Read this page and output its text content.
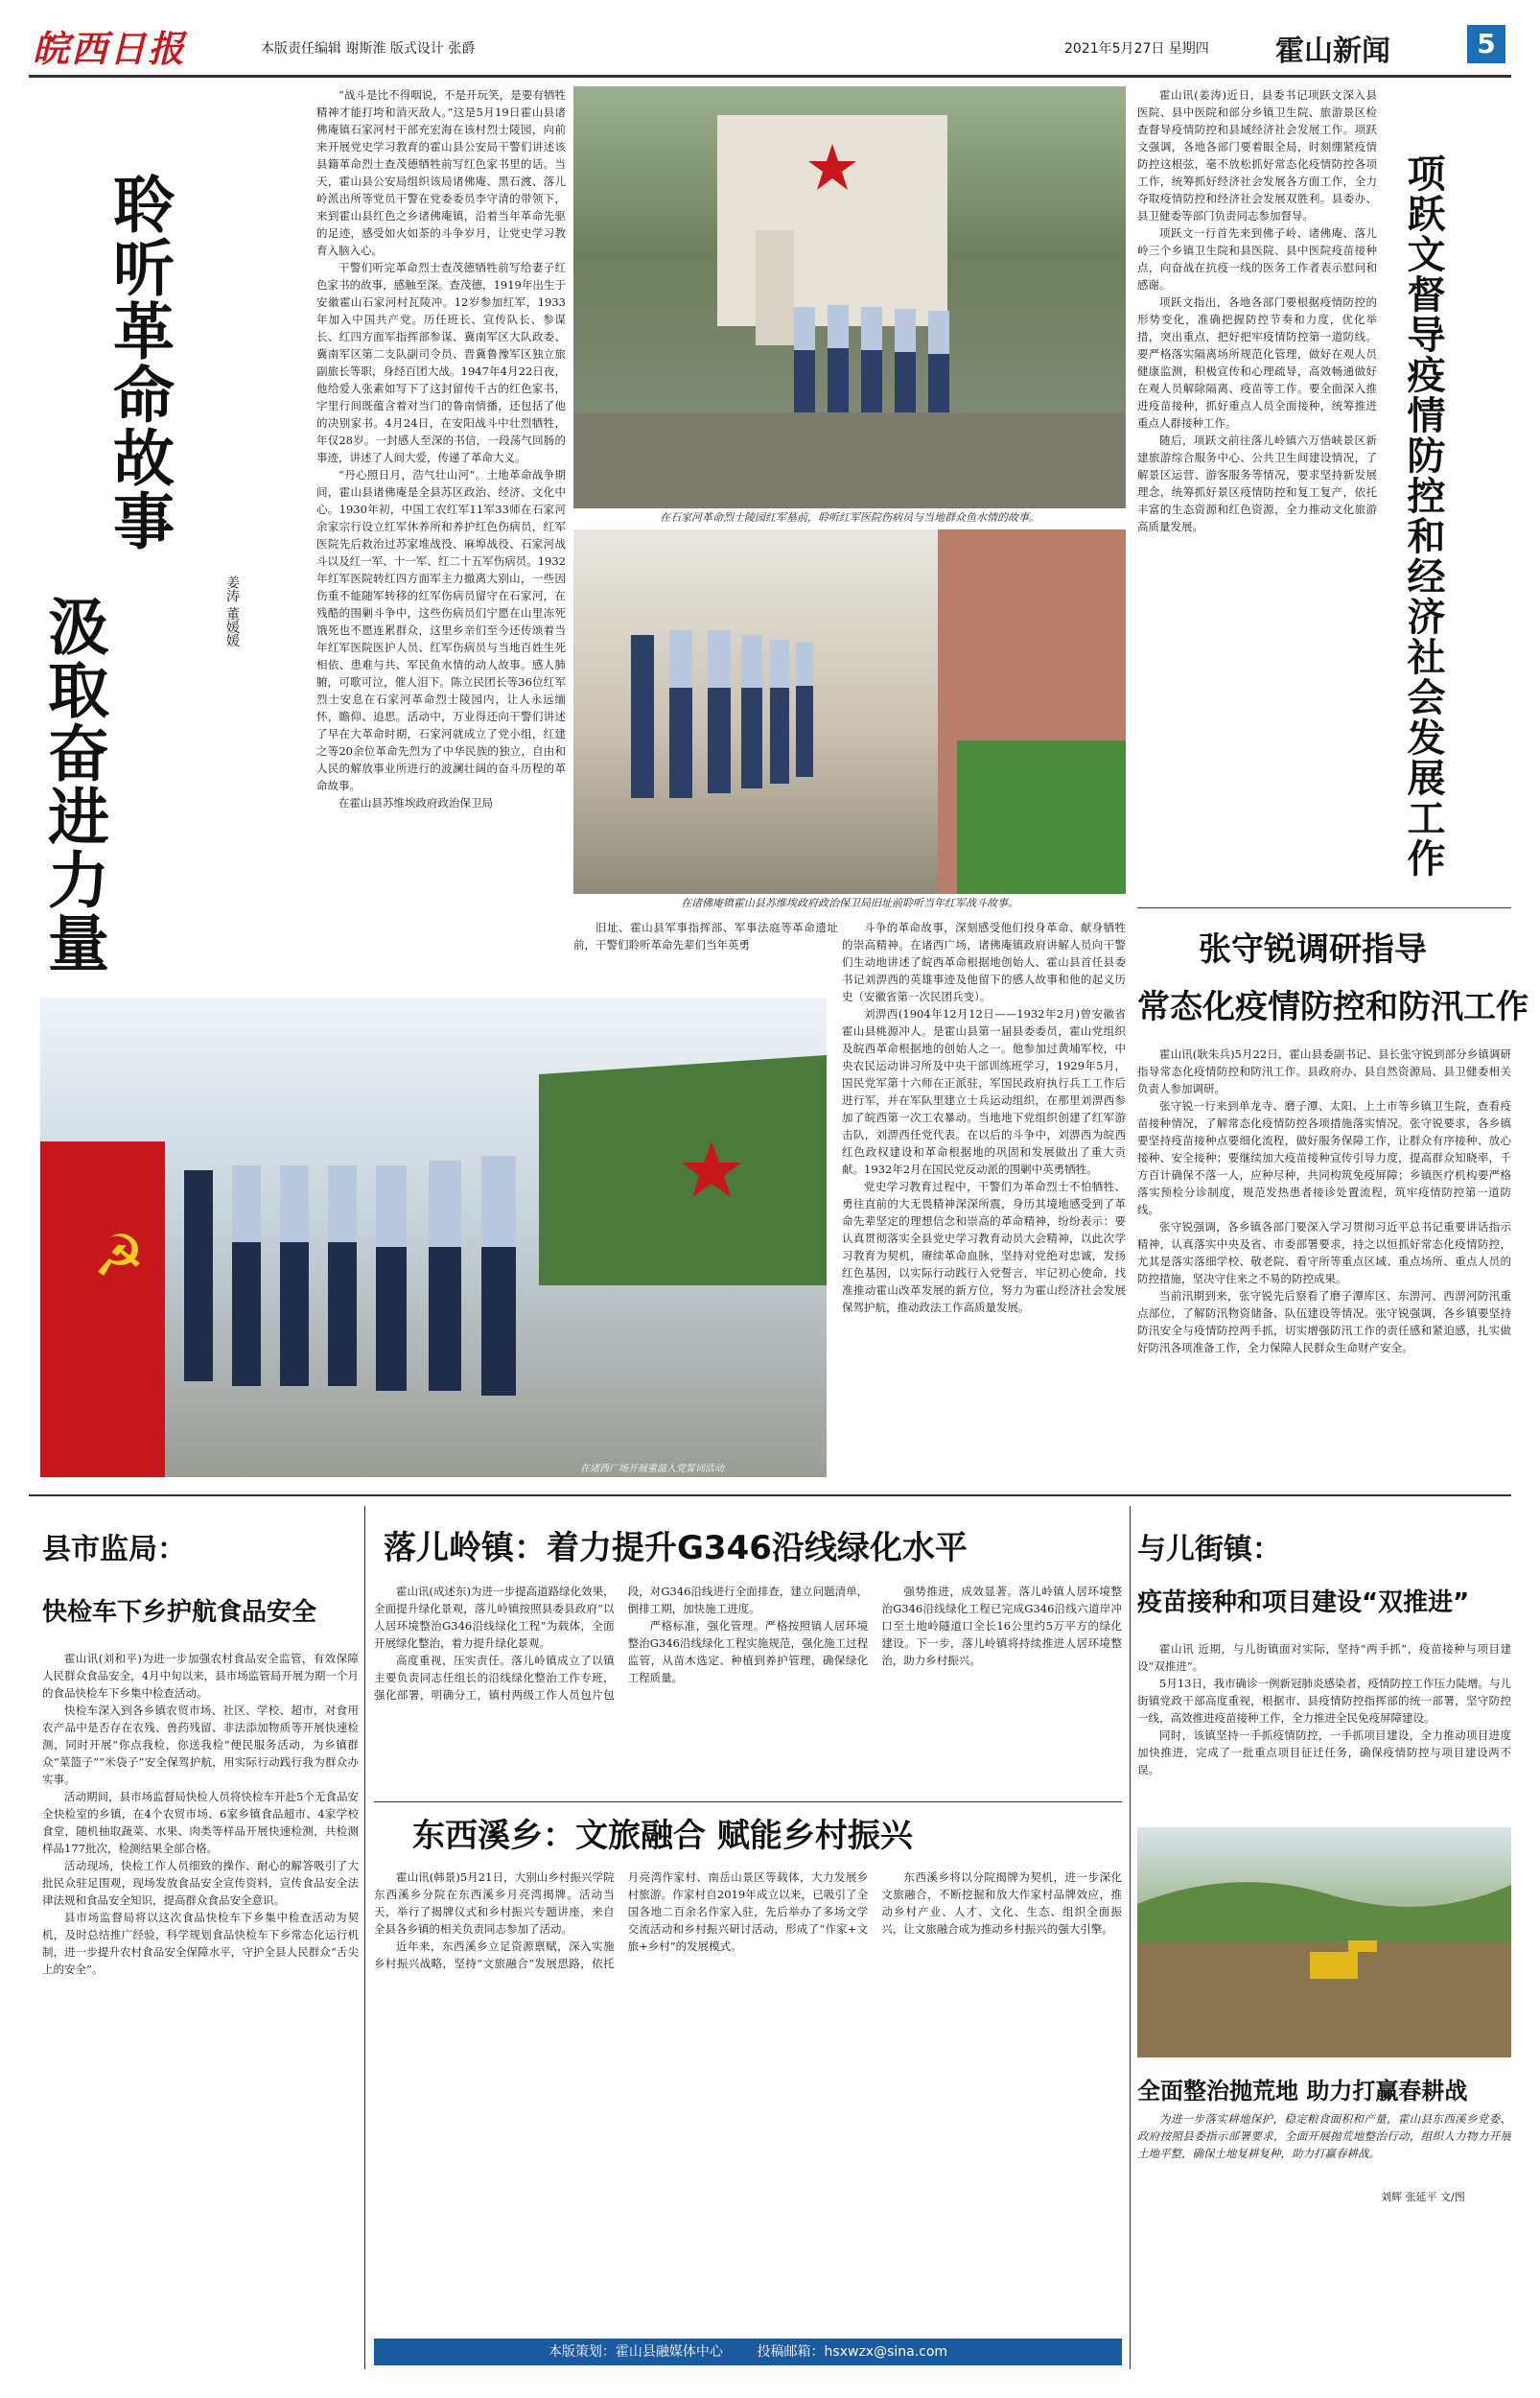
皖西日报	本版责任编辑 谢斯淮 版式设计 张爵	2021年5月27日 星期四 霍山新闻	5
聆听革命故事
汲取奋进力量	姜涛 董媛媛

“战斗是比不得咽说，不是开玩笑，是要有牺牲精神才能打垮和消灭敌人。”这是5月19日霍山县诸佛庵镇石家河村干部充宏海在该村烈士陵园，向前来开展党史学习教育的霍山县公安局干警们讲述该县籍革命烈士查茂德牺牲前写红色家书里的话。当天，霍山县公安局组织该局诸佛庵、黑石渡、落儿岭派出所等党员干警在党委委员李守清的带领下，来到霍山县红色之乡诸佛庵镇，沿着当年革命先驱的足迹，感受如火如荼的斗争岁月，让党史学习教育入脑入心。

干警们听完革命烈士查茂德牺牲前写给妻子红色家书的故事，感触至深。查茂德，1919年出生于安徽霍山石家河村瓦陵冲。12岁参加红军，1933年加入中国共产党。历任班长、宣传队长、参谋长、红四方面军指挥部参谋、冀南军区大队政委、冀南军区第二支队副司令员、晋冀鲁豫军区独立旅副旅长等职，身经百团大战。1947年4月22日夜，他给爱人张素如写下了这封留传千古的红色家书，字里行间既蕴含着对当门的鲁南情播，还包括了他的决别家书。4月24日，在安阳战斗中壮烈牺牲，年仅28岁。一封感人至深的书信，一段荡气回肠的事迹，讲述了人间大爱，传递了革命大义。

“丹心照日月，浩气壮山河”。土地革命战争期间，霍山县诸佛庵是全县苏区政治、经济、文化中心。1930年初，中国工农红军11军33师在石家河余家宗行设立红军休养所和养护红色伤病员，红军医院先后救治过苏家堆战役、麻埠战役、石家河战斗以及红一军、十一军、红二十五军伤病员。1932年红军医院转红四方面军主力撤离大别山，一些因伤重不能随军转移的红军伤病员留守在石家河，在残酷的围剿斗争中，这些伤病员们宁愿在山里冻死饿死也不愿连累群众，这里乡亲们至今还传颂着当年红军医院医护人员、红军伤病员与当地百姓生死相依、患难与共、军民鱼水情的动人故事。感人肺腑，可歌可泣，催人泪下。陈立民团长等36位红军烈士安息在石家河革命烈士陵园内，让人永远缅怀，瞻仰、追思。活动中，万业得还向干警们讲述了早在大革命时期，石家河就成立了党小组，红建之等20余位革命先烈为了中华民族的独立，自由和人民的解放事业所进行的波澜壮阔的奋斗历程的革命故事。

在霍山县苏维埃政府政治保卫局

在石家河革命烈士陵园红军墓前，聆听红军医院伤病员与当地群众鱼水情的故事。
在诸佛庵镇霍山县苏维埃政府政治保卫局旧址前聆听当年红军战斗故事。
☭
在诸西广场开展重温入党誓词活动

旧址、霍山县军事指挥部、军事法庭等革命遗址前，干警们聆听革命先辈们当年英勇

斗争的革命故事，深刻感受他们投身革命、献身牺牲的崇高精神。在诸西广场，诸佛庵镇政府讲解人员向干警们生动地讲述了皖西革命根据地创始人、霍山县首任县委书记刘淠西的英雄事迹及他留下的感人故事和他的起义历史（安徽省第一次民团兵变）。

刘淠西(1904年12月12日——1932年2月)曾安徽省霍山县桃源冲人。是霍山县第一届县委委员，霍山党组织及皖西革命根据地的创始人之一。他参加过黄埔军校，中央农民运动讲习所及中央干部训练班学习，1929年5月，国民党军第十六师在正派驻，军国民政府执行兵工工作后进行军，并在军队里建立士兵运动组织，在那里刘淠西参加了皖西第一次工农暴动。当地地下党组织创建了红军游击队，刘淠西任党代表。在以后的斗争中，刘淠西为皖西红色政权建设和革命根据地的巩固和发展做出了重大贡献。1932年2月在国民党反动派的围剿中英勇牺牲。

党史学习教育过程中，干警们为革命烈士不怕牺牲、勇往直前的大无畏精神深深所震，身历其境地感受到了革命先辈坚定的理想信念和崇高的革命精神，纷纷表示：要认真贯彻落实全县党史学习教育动员大会精神，以此次学习教育为契机，赓续革命血脉，坚持对党绝对忠诚，发扬红色基因，以实际行动践行入党誓言，牢记初心使命，找准推动霍山改革发展的新方位，努力为霍山经济社会发展保驾护航，推动政法工作高质量发展。

霍山讯(姜涛)近日，县委书记项跃文深入县医院、县中医院和部分乡镇卫生院、旅游景区检查督导疫情防控和县域经济社会发展工作。项跃文强调，各地各部门要着眼全局，时刻绷紧疫情防控这根弦，毫不放松抓好常态化疫情防控各项工作，统筹抓好经济社会发展各方面工作，全力夺取疫情防控和经济社会发展双胜利。县委办、县卫健委等部门负责同志参加督导。

项跃文一行首先来到佛子岭、诸佛庵、落儿岭三个乡镇卫生院和县医院、县中医院疫苗接种点，向奋战在抗疫一线的医务工作者表示慰问和感谢。

项跃文指出，各地各部门要根据疫情防控的形势变化，准确把握防控节奏和力度，优化举措，突出重点，把好把牢疫情防控第一道防线。要严格落实隔离场所规范化管理，做好在观人员健康监测，积极宣传和心理疏导，高效畅通做好在观人员解除隔离、疫苗等工作。要全面深入推进疫苗接种，抓好重点人员全面接种，统筹推进重点人群接种工作。

随后，项跃文前往落儿岭镇六万悟峡景区新建旅游综合服务中心、公共卫生间建设情况，了解景区运营、游客服务等情况，要求坚持新发展理念，统筹抓好景区疫情防控和复工复产，依托丰富的生态资源和红色资源，全力推动文化旅游高质量发展。	项跃文督导疫情防控和经济社会发展工作
张守锐调研指导
常态化疫情防控和防汛工作

霍山讯(耿朱兵)5月22日，霍山县委副书记、县长张守锐到部分乡镇调研指导常态化疫情防控和防汛工作。县政府办、县自然资源局、县卫健委相关负责人参加调研。

张守锐一行来到单龙寺、磨子潭、太阳、上土市等乡镇卫生院，查看疫苗接种情况，了解常态化疫情防控各项措施落实情况。张守锐要求，各乡镇要坚持疫苗接种点要细化流程，做好服务保障工作，让群众有序接种、放心接种、安全接种；要继续加大疫苗接种宣传引导力度，提高群众知晓率，千方百计确保不落一人，应种尽种，共同构筑免疫屏障；乡镇医疗机构要严格落实预检分诊制度，规范发热患者接诊处置流程，筑牢疫情防控第一道防线。

张守锐强调，各乡镇各部门要深入学习贯彻习近平总书记重要讲话指示精神，认真落实中央及省、市委部署要求，持之以恒抓好常态化疫情防控，尤其是落实落细学校、敬老院、看守所等重点区域、重点场所、重点人员的防控措施，坚决守住来之不易的防控成果。

当前汛期到来，张守锐先后察看了磨子潭库区、东淠河、西淠河防汛重点部位，了解防汛物资储备、队伍建设等情况。张守锐强调，各乡镇要坚持防汛安全与疫情防控两手抓，切实增强防汛工作的责任感和紧迫感，扎实做好防汛各项准备工作，全力保障人民群众生命财产安全。

县市监局：
快检车下乡护航食品安全

霍山讯(刘和平)为进一步加强农村食品安全监管，有效保障人民群众食品安全，4月中旬以来，县市场监管局开展为期一个月的食品快检车下乡集中检查活动。

快检车深入到各乡镇农贸市场、社区、学校、超市，对食用农产品中是否存在农残、兽药残留、非法添加物质等开展快速检测，同时开展“你点我检，你送我检”便民服务活动，为乡镇群众“菜篮子”“米袋子”安全保驾护航，用实际行动践行我为群众办实事。

活动期间，县市场监督局快检人员将快检车开赴5个无食品安全快检室的乡镇，在4个农贸市场、6家乡镇食品超市、4家学校食堂，随机抽取蔬菜、水果、肉类等样品开展快速检测，共检测样品177批次，检测结果全部合格。

活动现场，快检工作人员细致的操作、耐心的解答吸引了大批民众驻足围观，现场发放食品安全宣传资料，宣传食品安全法律法规和食品安全知识，提高群众食品安全意识。

县市场监督局将以这次食品快检车下乡集中检查活动为契机，及时总结推广经验，科学规划食品快检车下乡常态化运行机制，进一步提升农村食品安全保障水平，守护全县人民群众“舌尖上的安全”。

落儿岭镇：着力提升G346沿线绿化水平

霍山讯(成述东)为进一步提高道路绿化效果，全面提升绿化景观，落儿岭镇按照县委县政府“以人居环境整治G346沿线绿化工程”为载体，全面开展绿化整治，着力提升绿化景观。

高度重视，压实责任。落儿岭镇成立了以镇主要负责同志任组长的沿线绿化整治工作专班，强化部署，明确分工，镇村两级工作人员包片包段，对G346沿线进行全面排查，建立问题清单，倒排工期，加快施工进度。

严格标准，强化管理。严格按照镇人居环境整治G346沿线绿化工程实施规范，强化施工过程监管，从苗木选定、种植到养护管理，确保绿化工程质量。

强势推进，成效显著。落儿岭镇人居环境整治G346沿线绿化工程已完成G346沿线六道岸冲口至土地岭隧道口全长16公里约5万平方的绿化建设。下一步，落儿岭镇将持续推进人居环境整治，助力乡村振兴。

东西溪乡：文旅融合 赋能乡村振兴

霍山讯(韩景)5月21日，大别山乡村振兴学院东西溪乡分院在东西溪乡月亮湾揭牌。活动当天，举行了揭牌仪式和乡村振兴专题讲座，来自全县各乡镇的相关负责同志参加了活动。

近年来，东西溪乡立足资源禀赋，深入实施乡村振兴战略，坚持“文旅融合”发展思路，依托月亮湾作家村、南岳山景区等载体，大力发展乡村旅游。作家村自2019年成立以来，已吸引了全国各地二百余名作家入驻，先后举办了多场文学交流活动和乡村振兴研讨活动，形成了“作家+文旅+乡村”的发展模式。

东西溪乡将以分院揭牌为契机，进一步深化文旅融合，不断挖掘和放大作家村品牌效应，推动乡村产业、人才、文化、生态、组织全面振兴，让文旅融合成为推动乡村振兴的强大引擎。

与儿街镇：
疫苗接种和项目建设“双推进”

霍山讯 近期，与儿街镇面对实际，坚持“两手抓”，疫苗接种与项目建设“双推进”。

5月13日，我市确诊一例新冠肺炎感染者，疫情防控工作压力陡增。与儿街镇党政干部高度重视，根据市、县疫情防控指挥部的统一部署，坚守防控一线，高效推进疫苗接种工作，全力推进全民免疫屏障建设。

同时，该镇坚持一手抓疫情防控，一手抓项目建设，全力推动项目进度加快推进，完成了一批重点项目征迁任务，确保疫情防控与项目建设两不误。

全面整治抛荒地 助力打赢春耕战

为进一步落实耕地保护，稳定粮食面积和产量，霍山县东西溪乡党委、政府按照县委指示部署要求，全面开展抛荒地整治行动，组织人力物力开展土地平整，确保土地复耕复种，助力打赢春耕战。

刘辉 张延平 文/图
本版策划：霍山县融媒体中心        投稿邮箱：hsxwzx@sina.com
